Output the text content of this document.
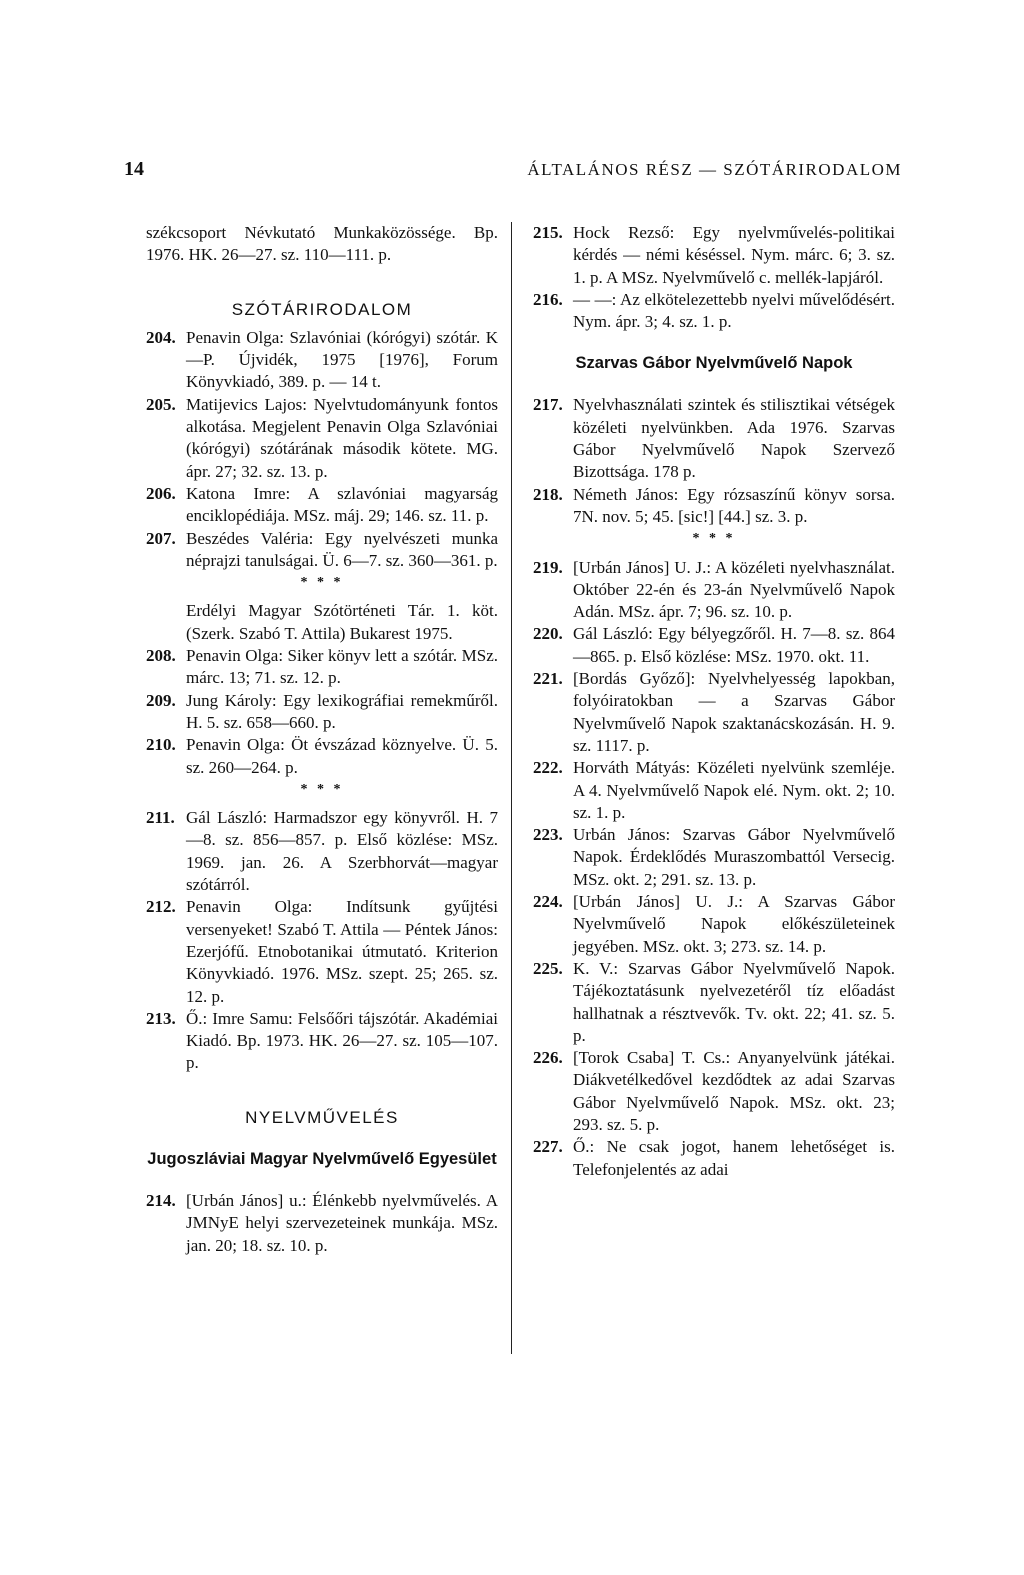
14	ÁLTALÁNOS RÉSZ — SZÓTÁRIRODALOM

székcsoport Névkutató Munkaközössége. Bp. 1976. HK. 26—27. sz. 110—111. p.

SZÓTÁRIRODALOM

204. Penavin Olga: Szlavóniai (kórógyi) szótár. K—P. Újvidék, 1975 [1976], Forum Könyvkiadó, 389. p. — 14 t.
205. Matijevics Lajos: Nyelvtudományunk fontos alkotása. Megjelent Penavin Olga Szlavóniai (kórógyi) szótárának második kötete. MG. ápr. 27; 32. sz. 13. p.
206. Katona Imre: A szlavóniai magyarság enciklopédiája. MSz. máj. 29; 146. sz. 11. p.
207. Beszédes Valéria: Egy nyelvészeti munka néprajzi tanulságai. Ü. 6—7. sz. 360—361. p.

* * *

Erdélyi Magyar Szótörténeti Tár. 1. köt. (Szerk. Szabó T. Attila) Bukarest 1975.

208. Penavin Olga: Siker könyv lett a szótár. MSz. márc. 13; 71. sz. 12. p.
209. Jung Károly: Egy lexikográfiai remekműről. H. 5. sz. 658—660. p.
210. Penavin Olga: Öt évszázad köznyelve. Ü. 5. sz. 260—264. p.

* * *

211. Gál László: Harmadszor egy könyvről. H. 7—8. sz. 856—857. p. Első közlése: MSz. 1969. jan. 26. A Szerbhorvát—magyar szótárról.
212. Penavin Olga: Indítsunk gyűjtési versenyeket! Szabó T. Attila — Péntek János: Ezerjófű. Etnobotanikai útmutató. Kriterion Könyvkiadó. 1976. MSz. szept. 25; 265. sz. 12. p.
213. Ő.: Imre Samu: Felsőőri tájszótár. Akadémiai Kiadó. Bp. 1973. HK. 26—27. sz. 105—107. p.

NYELVMŰVELÉS

Jugoszláviai Magyar Nyelvművelő Egyesület

214. [Urbán János] u.: Élénkebb nyelvművelés. A JMNyE helyi szervezeteinek munkája. MSz. jan. 20; 18. sz. 10. p.
215. Hock Rezső: Egy nyelvművelés-politikai kérdés — némi késéssel. Nym. márc. 6; 3. sz. 1. p. A MSz. Nyelvművelő c. mellék-lapjáról.
216. — —: Az elkötelezettebb nyelvi művelődésért. Nym. ápr. 3; 4. sz. 1. p.

Szarvas Gábor Nyelvművelő Napok

217. Nyelvhasználati szintek és stilisztikai vétségek közéleti nyelvünkben. Ada 1976. Szarvas Gábor Nyelvművelő Napok Szervező Bizottsága. 178 p.
218. Németh János: Egy rózsaszínű könyv sorsa. 7N. nov. 5; 45. [sic!] [44.] sz. 3. p.

* * *

219. [Urbán János] U. J.: A közéleti nyelvhasználat. Október 22-én és 23-án Nyelvművelő Napok Adán. MSz. ápr. 7; 96. sz. 10. p.
220. Gál László: Egy bélyegzőről. H. 7—8. sz. 864—865. p. Első közlése: MSz. 1970. okt. 11.
221. [Bordás Győző]: Nyelvhelyesség lapokban, folyóiratokban — a Szarvas Gábor Nyelvművelő Napok szaktanácskozásán. H. 9. sz. 1117. p.
222. Horváth Mátyás: Közéleti nyelvünk szemléje. A 4. Nyelvművelő Napok elé. Nym. okt. 2; 10. sz. 1. p.
223. Urbán János: Szarvas Gábor Nyelvművelő Napok. Érdeklődés Muraszombattól Versecig. MSz. okt. 2; 291. sz. 13. p.
224. [Urbán János] U. J.: A Szarvas Gábor Nyelvművelő Napok előkészületeinek jegyében. MSz. okt. 3; 273. sz. 14. p.
225. K. V.: Szarvas Gábor Nyelvművelő Napok. Tájékoztatásunk nyelvezetéről tíz előadást hallhatnak a résztvevők. Tv. okt. 22; 41. sz. 5. p.
226. [Torok Csaba] T. Cs.: Anyanyelvünk játékai. Diákvetélkedővel kezdődtek az adai Szarvas Gábor Nyelvművelő Napok. MSz. okt. 23; 293. sz. 5. p.
227. Ő.: Ne csak jogot, hanem lehetőséget is. Telefonjelentés az adai
